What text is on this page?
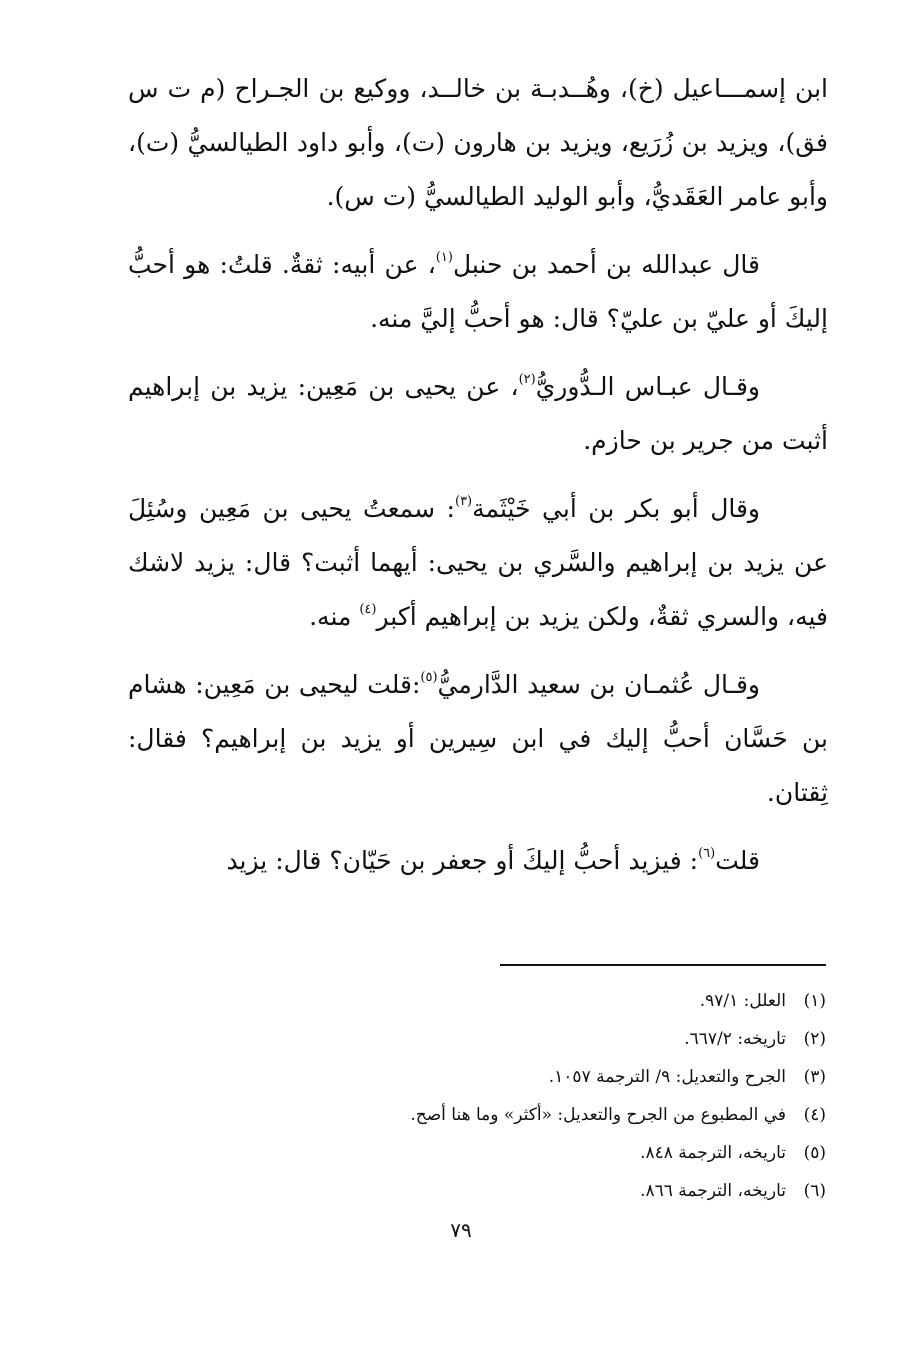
ابن إسمـــاعيل (خ)، وهُــدبـة بن خالــد، ووكيع بن الجـراح (م ت س فق)، ويزيد بن زُرَيع، ويزيد بن هارون (ت)، وأبو داود الطيالسيُّ (ت)، وأبو عامر العَقَديُّ، وأبو الوليد الطيالسيُّ (ت س).

قال عبدالله بن أحمد بن حنبل$^{(١)}$، عن أبيه: ثقةٌ. قلتُ: هو أحبُّ إليكَ أو عليّ بن عليّ؟ قال: هو أحبُّ إليَّ منه.

وقـال عبـاس الـدُّوريُّ$^{(٢)}$، عن يحيى بن مَعِين: يزيد بن إبراهيم أثبت من جرير بن حازم.

وقال أبو بكر بن أبي خَيْثَمة$^{(٣)}$: سمعتُ يحيى بن مَعِين وسُئِلَ عن يزيد بن إبراهيم والسَّري بن يحيى: أيهما أثبت؟ قال: يزيد لاشك فيه، والسري ثقةٌ، ولكن يزيد بن إبراهيم أكبر$^{(٤)}$ منه.

وقـال عُثمـان بن سعيد الدَّارميُّ$^{(٥)}$:قلت ليحيى بن مَعِين: هشام بن حَسَّان أحبُّ إليك في ابن سِيرين أو يزيد بن إبراهيم؟ فقال: ثِقتان.

قلت$^{(٦)}$: فيزيد أحبُّ إليكَ أو جعفر بن حَيّان؟ قال: يزيد

(١)العلل: ٩٧/١.
(٢)تاريخه: ٦٦٧/٢.
(٣)الجرح والتعديل: ٩/ الترجمة ١٠٥٧.
(٤)في المطبوع من الجرح والتعديل: «أكثر» وما هنا أصح.
(٥)تاريخه، الترجمة ٨٤٨.
(٦)تاريخه، الترجمة ٨٦٦.
٧٩
